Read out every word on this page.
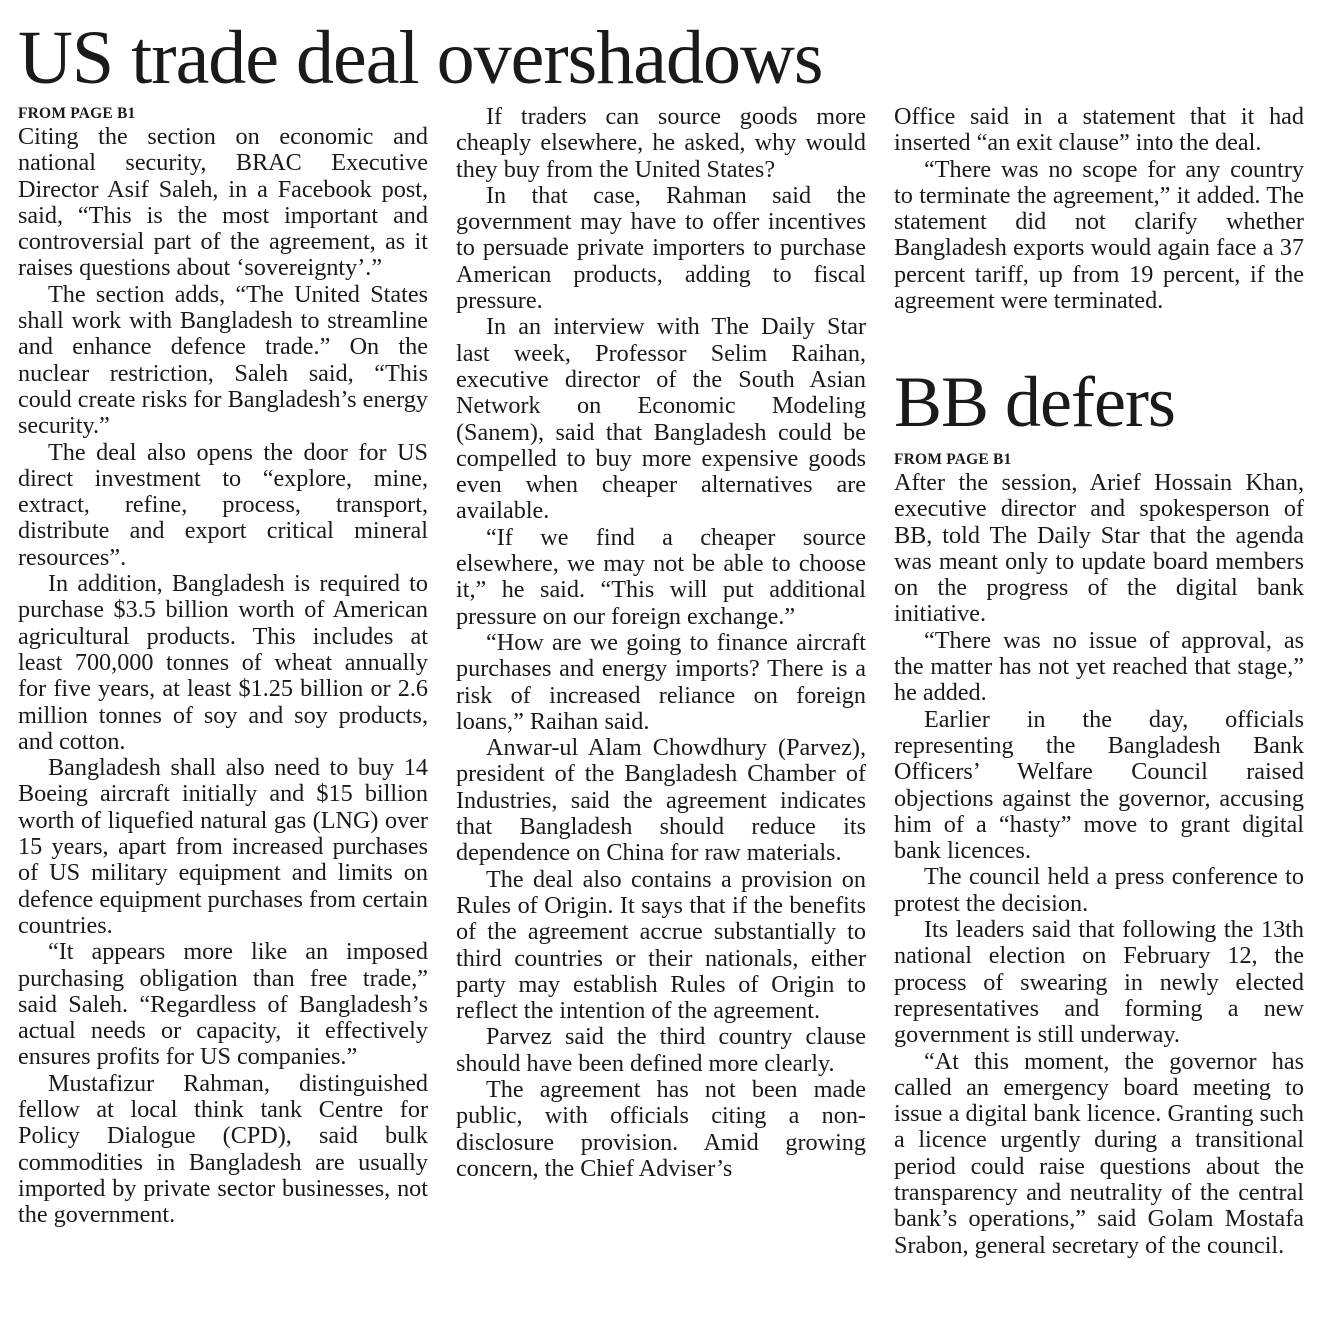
US trade deal overshadows
FROM PAGE B1

Citing the section on economic and national security, BRAC Executive Director Asif Saleh, in a Facebook post, said, “This is the most important and controversial part of the agreement, as it raises questions about ‘sovereignty’.”

The section adds, “The United States shall work with Bangladesh to streamline and enhance defence trade.” On the nuclear restriction, Saleh said, “This could create risks for Bangladesh’s energy security.”

The deal also opens the door for US direct investment to “explore, mine, extract, refine, process, transport, distribute and export critical mineral resources”.

In addition, Bangladesh is required to purchase $3.5 billion worth of American agricultural products. This includes at least 700,000 tonnes of wheat annually for five years, at least $1.25 billion or 2.6 million tonnes of soy and soy products, and cotton.

Bangladesh shall also need to buy 14 Boeing aircraft initially and $15 billion worth of liquefied natural gas (LNG) over 15 years, apart from increased purchases of US military equipment and limits on defence equipment purchases from certain countries.

“It appears more like an imposed purchasing obligation than free trade,” said Saleh. “Regardless of Bangladesh’s actual needs or capacity, it effectively ensures profits for US companies.”

Mustafizur Rahman, distinguished fellow at local think tank Centre for Policy Dialogue (CPD), said bulk commodities in Bangladesh are usually imported by private sector businesses, not the government.

If traders can source goods more cheaply elsewhere, he asked, why would they buy from the United States?

In that case, Rahman said the government may have to offer incentives to persuade private importers to purchase American products, adding to fiscal pressure.

In an interview with The Daily Star last week, Professor Selim Raihan, executive director of the South Asian Network on Economic Modeling (Sanem), said that Bangladesh could be compelled to buy more expensive goods even when cheaper alternatives are available.

“If we find a cheaper source elsewhere, we may not be able to choose it,” he said. “This will put additional pressure on our foreign exchange.”

“How are we going to finance aircraft purchases and energy imports? There is a risk of increased reliance on foreign loans,” Raihan said.

Anwar-ul Alam Chowdhury (Parvez), president of the Bangladesh Chamber of Industries, said the agreement indicates that Bangladesh should reduce its dependence on China for raw materials.

The deal also contains a provision on Rules of Origin. It says that if the benefits of the agreement accrue substantially to third countries or their nationals, either party may establish Rules of Origin to reflect the intention of the agreement.

Parvez said the third country clause should have been defined more clearly.

The agreement has not been made public, with officials citing a non-disclosure provision. Amid growing concern, the Chief Adviser’s

Office said in a statement that it had inserted “an exit clause” into the deal.

“There was no scope for any country to terminate the agreement,” it added. The statement did not clarify whether Bangladesh exports would again face a 37 percent tariff, up from 19 percent, if the agreement were terminated.

BB defers
FROM PAGE B1

After the session, Arief Hossain Khan, executive director and spokesperson of BB, told The Daily Star that the agenda was meant only to update board members on the progress of the digital bank initiative.

“There was no issue of approval, as the matter has not yet reached that stage,” he added.

Earlier in the day, officials representing the Bangladesh Bank Officers’ Welfare Council raised objections against the governor, accusing him of a “hasty” move to grant digital bank licences.

The council held a press conference to protest the decision.

Its leaders said that following the 13th national election on February 12, the process of swearing in newly elected representatives and forming a new government is still underway.

“At this moment, the governor has called an emergency board meeting to issue a digital bank licence. Granting such a licence urgently during a transitional period could raise questions about the transparency and neutrality of the central bank’s operations,” said Golam Mostafa Srabon, general secretary of the council.
